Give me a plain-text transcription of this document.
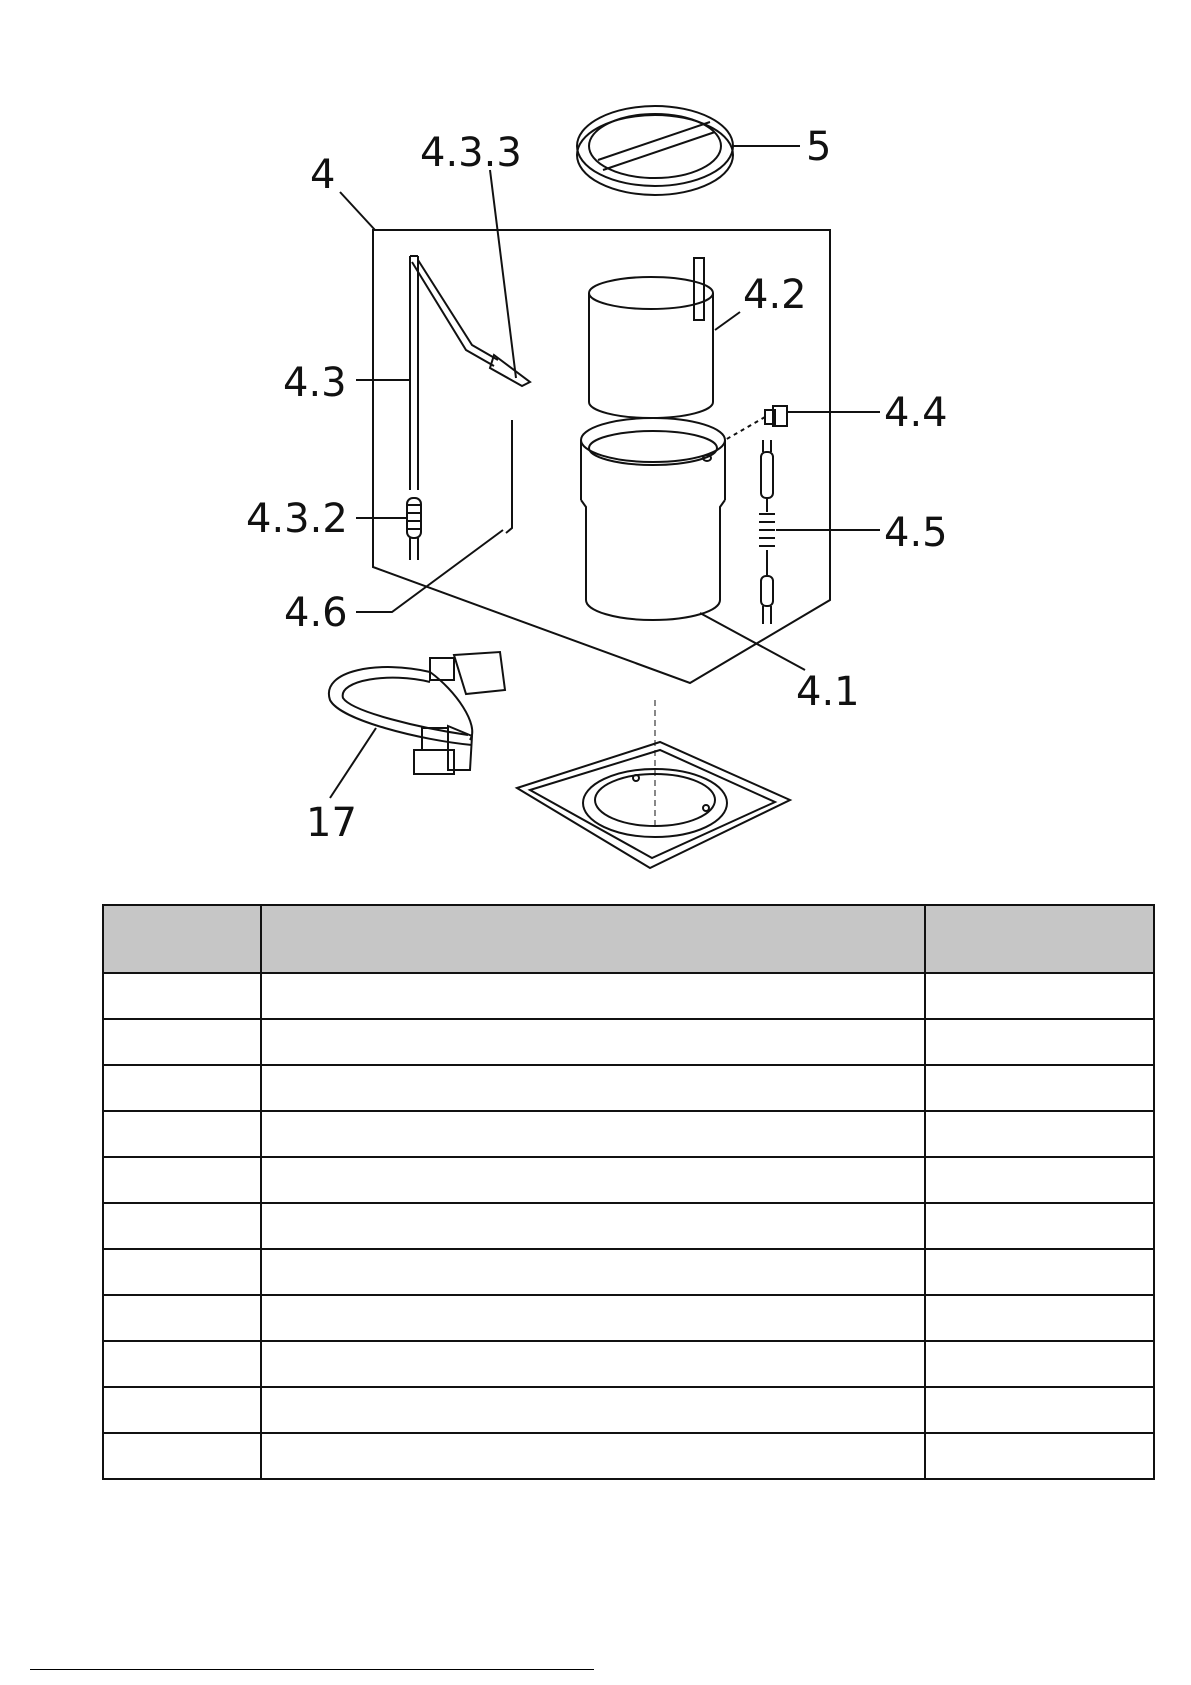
4 4.3.3	5
4.2
4.3
4.4
4.3.2	4.5
4.6
4.1
17
